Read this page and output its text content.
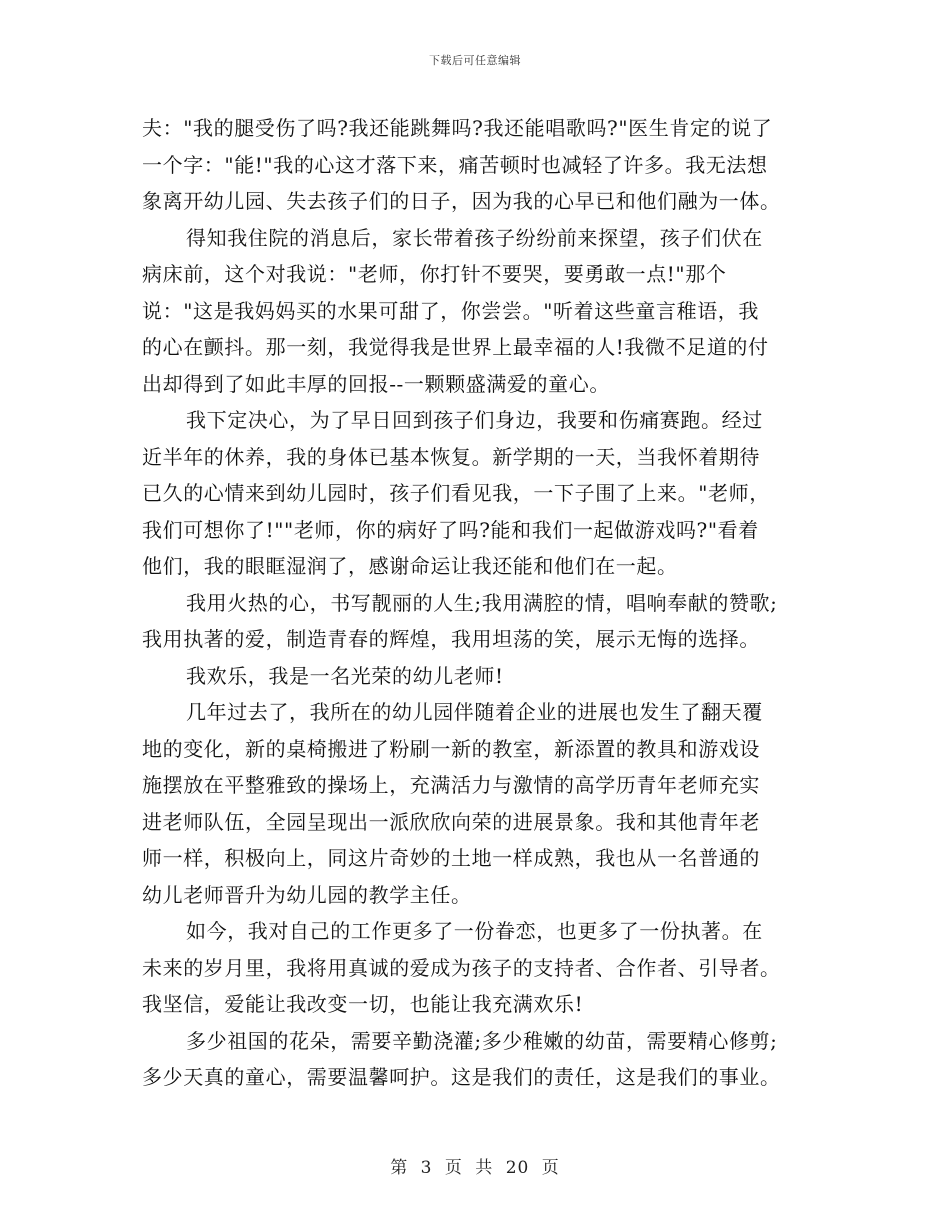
下载后可任意编辑
夫："我的腿受伤了吗?我还能跳舞吗?我还能唱歌吗?"医生肯定的说了
一个字："能!"我的心这才落下来，痛苦顿时也减轻了许多。我无法想
象离开幼儿园、失去孩子们的日子，因为我的心早已和他们融为一体。
得知我住院的消息后，家长带着孩子纷纷前来探望，孩子们伏在
病床前，这个对我说："老师，你打针不要哭，要勇敢一点!"那个
说："这是我妈妈买的水果可甜了，你尝尝。"听着这些童言稚语，我
的心在颤抖。那一刻，我觉得我是世界上最幸福的人!我微不足道的付
出却得到了如此丰厚的回报--一颗颗盛满爱的童心。
我下定决心，为了早日回到孩子们身边，我要和伤痛赛跑。经过
近半年的休养，我的身体已基本恢复。新学期的一天，当我怀着期待
已久的心情来到幼儿园时，孩子们看见我，一下子围了上来。"老师，
我们可想你了!""老师，你的病好了吗?能和我们一起做游戏吗?"看着
他们，我的眼眶湿润了，感谢命运让我还能和他们在一起。
我用火热的心，书写靓丽的人生;我用满腔的情，唱响奉献的赞歌;
我用执著的爱，制造青春的辉煌，我用坦荡的笑，展示无悔的选择。
我欢乐，我是一名光荣的幼儿老师!
几年过去了，我所在的幼儿园伴随着企业的进展也发生了翻天覆
地的变化，新的桌椅搬进了粉刷一新的教室，新添置的教具和游戏设
施摆放在平整雅致的操场上，充满活力与激情的高学历青年老师充实
进老师队伍，全园呈现出一派欣欣向荣的进展景象。我和其他青年老
师一样，积极向上，同这片奇妙的土地一样成熟，我也从一名普通的
幼儿老师晋升为幼儿园的教学主任。
如今，我对自己的工作更多了一份眷恋，也更多了一份执著。在
未来的岁月里，我将用真诚的爱成为孩子的支持者、合作者、引导者。
我坚信，爱能让我改变一切，也能让我充满欢乐!
多少祖国的花朵，需要辛勤浇灌;多少稚嫩的幼苗，需要精心修剪;
多少天真的童心，需要温馨呵护。这是我们的责任，这是我们的事业。
第 3 页 共 20 页
